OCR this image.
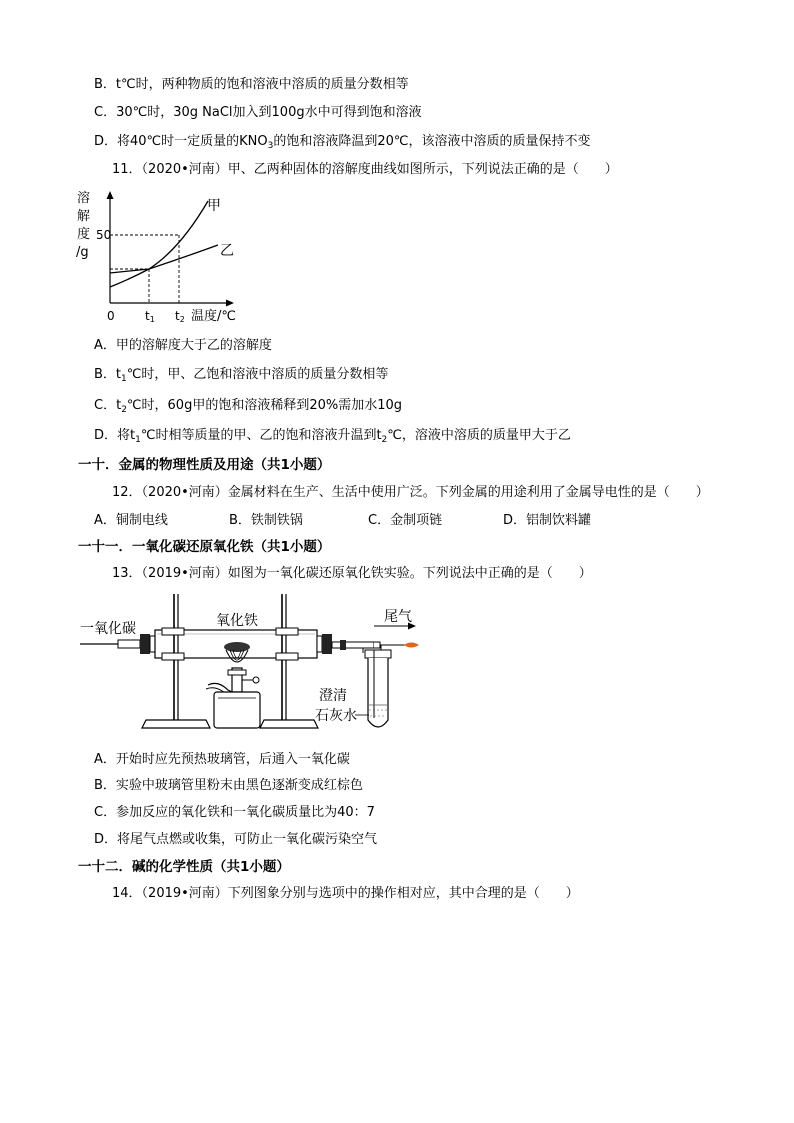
B．t℃时，两种物质的饱和溶液中溶质的质量分数相等
C．30℃时，30g NaCl加入到100g水中可得到饱和溶液
D．将40℃时一定质量的$KNO_3$的饱和溶液降温到20℃，该溶液中溶质的质量保持不变
11．（2020•河南）甲、乙两种固体的溶解度曲线如图所示，下列说法正确的是（　　）
溶
解
度
/g
50
甲
乙
0	t1 t2 温度/℃
A．甲的溶解度大于乙的溶解度
B．$t_1℃$时，甲、乙饱和溶液中溶质的质量分数相等
C．$t_2℃$时，60g甲的饱和溶液稀释到20%需加水10g
D．将$t_1℃$时相等质量的甲、乙的饱和溶液升温到$t_2℃$，溶液中溶质的质量甲大于乙
一十．金属的物理性质及用途（共1小题）
12．（2020•河南）金属材料在生产、生活中使用广泛。下列金属的用途利用了金属导电性的是（　　）
A．铜制电线	B．铁制铁锅	C．金制项链	D．铝制饮料罐
一十一．一氧化碳还原氧化铁（共1小题）
13．（2019•河南）如图为一氧化碳还原氧化铁实验。下列说法中正确的是（　　）
一氧化碳
尾气
澄清
石灰水
氧化铁
A．开始时应先预热玻璃管，后通入一氧化碳
B．实验中玻璃管里粉末由黑色逐渐变成红棕色
C．参加反应的氧化铁和一氧化碳质量比为40：7
D．将尾气点燃或收集，可防止一氧化碳污染空气
一十二．碱的化学性质（共1小题）
14．（2019•河南）下列图象分别与选项中的操作相对应，其中合理的是（　　）
